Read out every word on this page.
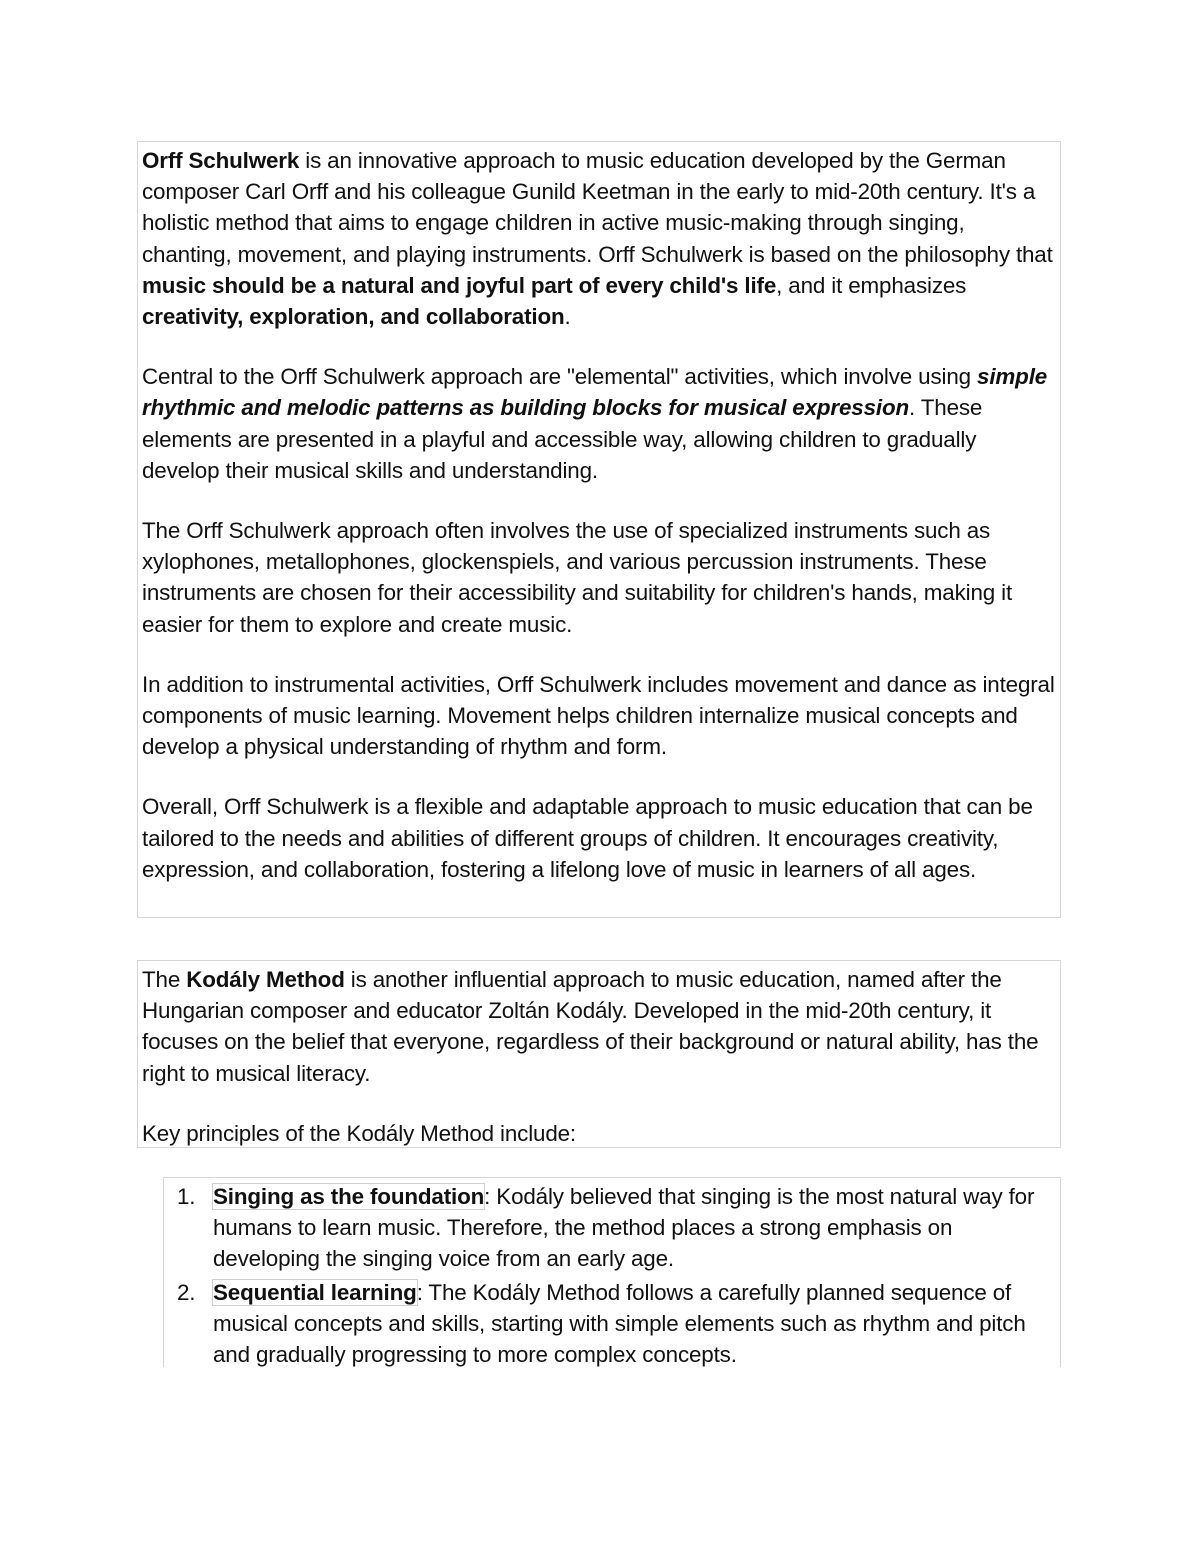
Orff Schulwerk is an innovative approach to music education developed by the German composer Carl Orff and his colleague Gunild Keetman in the early to mid-20th century. It's a holistic method that aims to engage children in active music-making through singing, chanting, movement, and playing instruments. Orff Schulwerk is based on the philosophy that music should be a natural and joyful part of every child's life, and it emphasizes creativity, exploration, and collaboration.

Central to the Orff Schulwerk approach are "elemental" activities, which involve using simple rhythmic and melodic patterns as building blocks for musical expression. These elements are presented in a playful and accessible way, allowing children to gradually develop their musical skills and understanding.

The Orff Schulwerk approach often involves the use of specialized instruments such as xylophones, metallophones, glockenspiels, and various percussion instruments. These instruments are chosen for their accessibility and suitability for children's hands, making it easier for them to explore and create music.

In addition to instrumental activities, Orff Schulwerk includes movement and dance as integral components of music learning. Movement helps children internalize musical concepts and develop a physical understanding of rhythm and form.

Overall, Orff Schulwerk is a flexible and adaptable approach to music education that can be tailored to the needs and abilities of different groups of children. It encourages creativity, expression, and collaboration, fostering a lifelong love of music in learners of all ages.

The Kodály Method is another influential approach to music education, named after the Hungarian composer and educator Zoltán Kodály. Developed in the mid-20th century, it focuses on the belief that everyone, regardless of their background or natural ability, has the right to musical literacy.

Key principles of the Kodály Method include:

1. Singing as the foundation: Kodály believed that singing is the most natural way for humans to learn music. Therefore, the method places a strong emphasis on developing the singing voice from an early age.
2. Sequential learning: The Kodály Method follows a carefully planned sequence of musical concepts and skills, starting with simple elements such as rhythm and pitch and gradually progressing to more complex concepts.
